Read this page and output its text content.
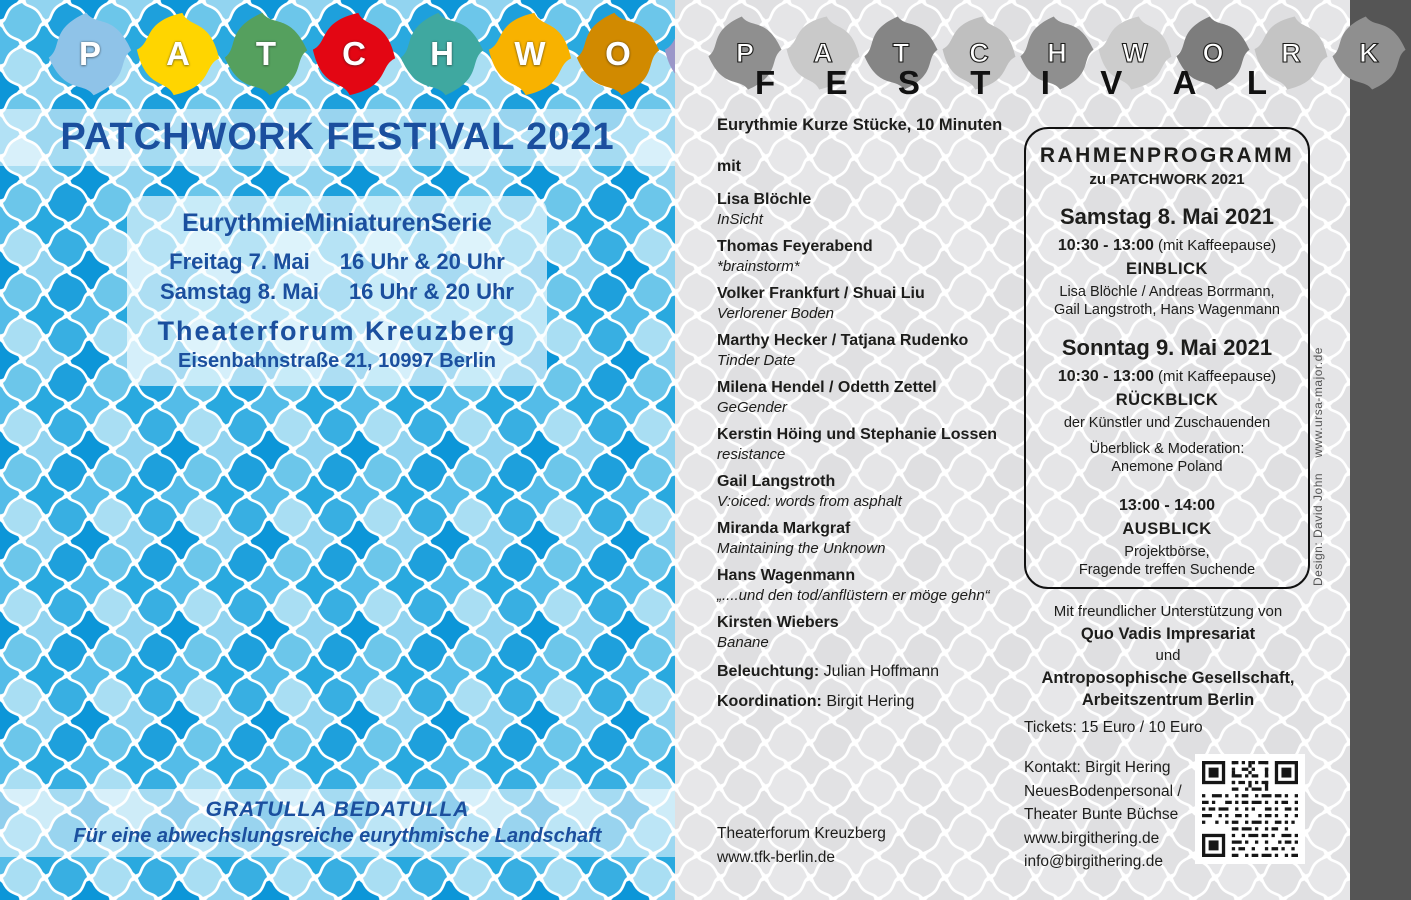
P	A	T	C	H	W	O
PATCHWORK FESTIVAL 2021
EurythmieMiniaturenSerie
Freitag 7. Mai 16 Uhr & 20 Uhr
Samstag 8. Mai 16 Uhr & 20 Uhr
Theaterforum Kreuzberg
Eisenbahnstraße 21, 10997 Berlin
GRATULLA BEDATULLA
Für eine abwechslungsreiche eurythmische Landschaft
P	A	T	C	H	W	O	R	K
F E S T I V A L
Eurythmie Kurze Stücke, 10 Minuten
mit
Lisa Blöchle
InSicht
Thomas Feyerabend
*brainstorm*
Volker Frankfurt / Shuai Liu
Verlorener Boden
Marthy Hecker / Tatjana Rudenko
Tinder Date
Milena Hendel / Odetth Zettel
GeGender
Kerstin Höing und Stephanie Lossen
resistance
Gail Langstroth
V:oiced: words from asphalt
Miranda Markgraf
Maintaining the Unknown
Hans Wagenmann
„....und den tod/anflüstern er möge gehn“
Kirsten Wiebers
Banane
Beleuchtung: Julian Hoffmann
Koordination: Birgit Hering
Theaterforum Kreuzberg
www.tfk-berlin.de
RAHMENPROGRAMM
zu PATCHWORK 2021
Samstag 8. Mai 2021
10:30 - 13:00 (mit Kaffeepause)
EINBLICK
Lisa Blöchle / Andreas Borrmann,
Gail Langstroth, Hans Wagenmann
Sonntag 9. Mai 2021
10:30 - 13:00 (mit Kaffeepause)
RÜCKBLICK
der Künstler und Zuschauenden
Überblick & Moderation:
Anemone Poland
13:00 - 14:00
AUSBLICK
Projektbörse,
Fragende treffen Suchende
Mit freundlicher Unterstützung von
Quo Vadis Impresariat
und
Antroposophische Gesellschaft,
Arbeitszentrum Berlin
Tickets: 15 Euro / 10 Euro
Kontakt: Birgit Hering
NeuesBodenpersonal /
Theater Bunte Büchse
www.birgithering.de
info@birgithering.de
Design: David John    www.ursa-major.de
